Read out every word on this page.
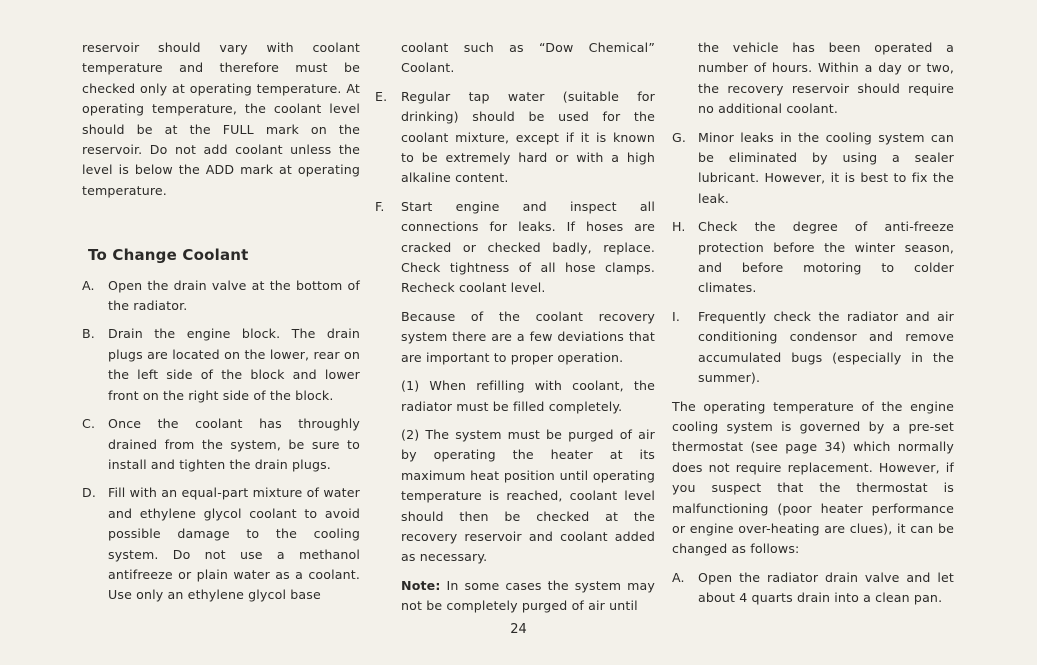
reservoir should vary with coolant temperature and therefore must be checked only at operating temperature. At operating temperature, the coolant level should be at the FULL mark on the reservoir. Do not add coolant unless the level is below the ADD mark at operating temperature.

To Change Coolant
A.	Open the drain valve at the bottom of the radiator.
B.	Drain the engine block. The drain plugs are located on the lower, rear on the left side of the block and lower front on the right side of the block.
C.	Once the coolant has throughly drained from the system, be sure to install and tighten the drain plugs.
D. Fill with an equal-part mixture of water and ethylene glycol coolant to avoid possible damage to the cooling system. Do not use a methanol antifreeze or plain water as a coolant. Use only an ethylene glycol base

coolant such as “Dow Chemical” Coolant.

E.	Regular tap water (suitable for drinking) should be used for the coolant mixture, except if it is known to be extremely hard or with a high alkaline content.
F.	Start engine and inspect all connections for leaks. If hoses are cracked or checked badly, replace. Check tightness of all hose clamps. Recheck coolant level.

Because of the coolant recovery system there are a few deviations that are important to proper operation.

(1) When refilling with coolant, the radiator must be filled completely.

(2) The system must be purged of air by operating the heater at its maximum heat position until operating temperature is reached, coolant level should then be checked at the recovery reservoir and coolant added as necessary.

Note: In some cases the system may not be completely purged of air until

the vehicle has been operated a number of hours. Within a day or two, the recovery reservoir should require no additional coolant.

G. Minor leaks in the cooling system can be eliminated by using a sealer lubricant. However, it is best to fix the leak.
H. Check the degree of anti-freeze protection before the winter season, and before motoring to colder climates.
I.	Frequently check the radiator and air conditioning condensor and remove accumulated bugs (especially in the summer).

The operating temperature of the engine cooling system is governed by a pre-set thermostat (see page 34) which normally does not require replacement. However, if you suspect that the thermostat is malfunctioning (poor heater performance or engine over-heating are clues), it can be changed as follows:

A.	Open the radiator drain valve and let about 4 quarts drain into a clean pan.
24
